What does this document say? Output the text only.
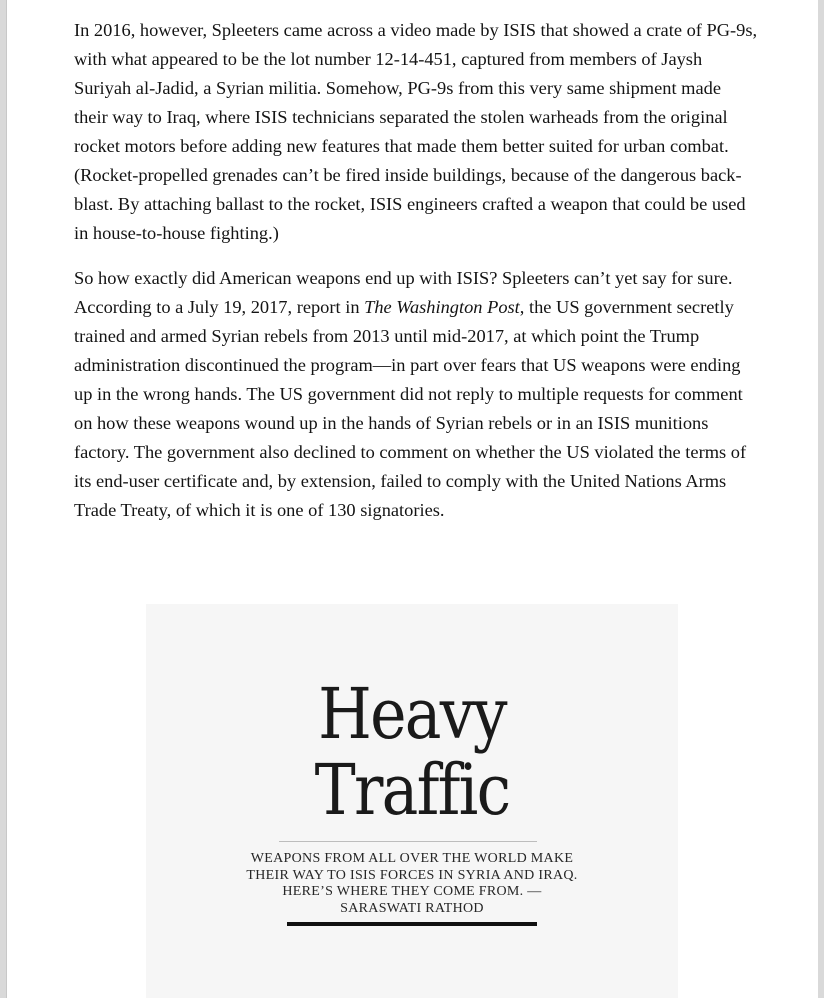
In 2016, however, Spleeters came across a video made by ISIS that showed a crate of PG-9s, with what appeared to be the lot number 12-14-451, captured from members of Jaysh Suriyah al-Jadid, a Syrian militia. Somehow, PG-9s from this very same shipment made their way to Iraq, where ISIS technicians separated the stolen warheads from the original rocket motors before adding new features that made them better suited for urban combat. (Rocket-propelled grenades can’t be fired inside buildings, because of the dangerous back-blast. By attaching ballast to the rocket, ISIS engineers crafted a weapon that could be used in house-to-house fighting.)

So how exactly did American weapons end up with ISIS? Spleeters can’t yet say for sure. According to a July 19, 2017, report in The Washington Post, the US government secretly trained and armed Syrian rebels from 2013 until mid-2017, at which point the Trump administration discontinued the program—in part over fears that US weapons were ending up in the wrong hands. The US government did not reply to multiple requests for comment on how these weapons wound up in the hands of Syrian rebels or in an ISIS munitions factory. The government also declined to comment on whether the US violated the terms of its end-user certificate and, by extension, failed to comply with the United Nations Arms Trade Treaty, of which it is one of 130 signatories.

Heavy
Traffic
WEAPONS FROM ALL OVER THE WORLD MAKE THEIR WAY TO ISIS FORCES IN SYRIA AND IRAQ. HERE’S WHERE THEY COME FROM. — SARASWATI RATHOD
